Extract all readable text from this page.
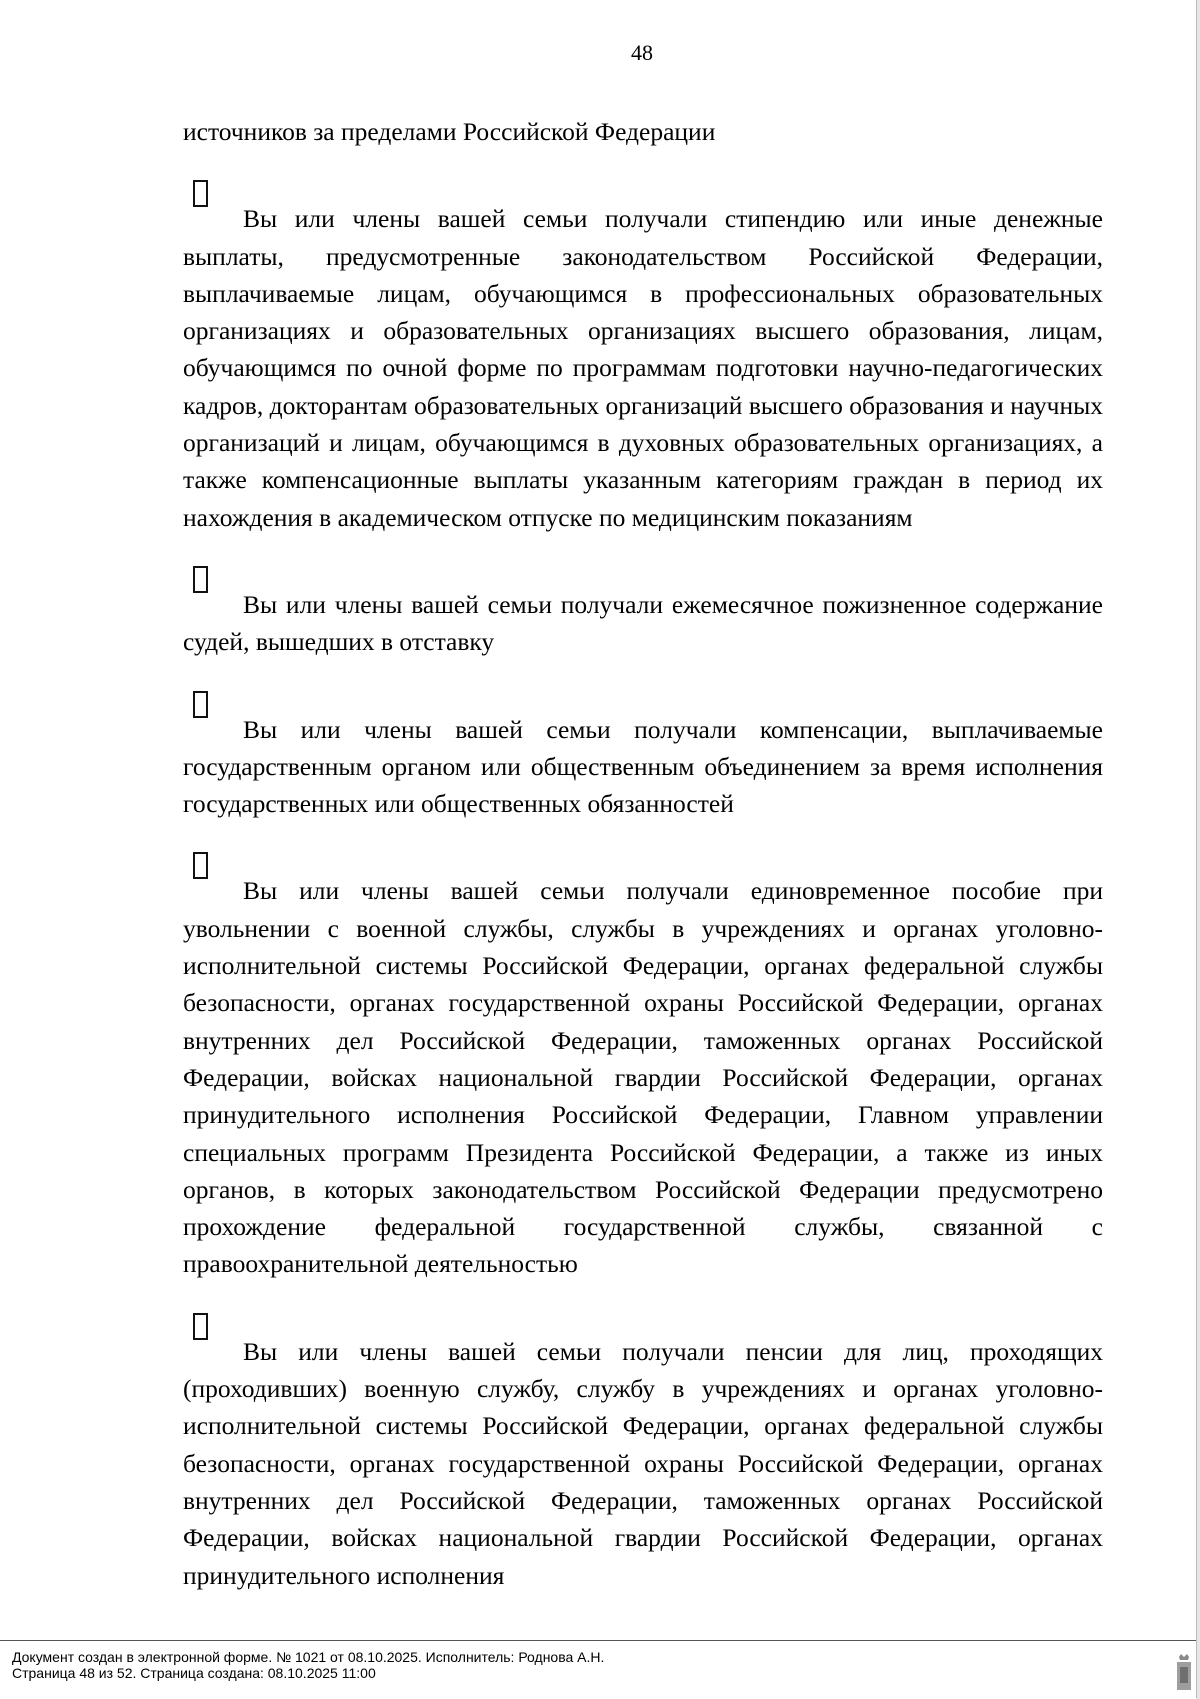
48

источников за пределами Российской Федерации

Вы или члены вашей семьи получали стипендию или иные денежные выплаты, предусмотренные законодательством Российской Федерации, выплачиваемые лицам, обучающимся в профессиональных образовательных организациях и образовательных организациях высшего образования, лицам, обучающимся по очной форме по программам подготовки научно-педагогических кадров, докторантам образовательных организаций высшего образования и научных организаций и лицам, обучающимся в духовных образовательных организациях, а также компенсационные выплаты указанным категориям граждан в период их нахождения в академическом отпуске по медицинским показаниям

Вы или члены вашей семьи получали ежемесячное пожизненное содержание судей, вышедших в отставку

Вы или члены вашей семьи получали компенсации, выплачиваемые государственным органом или общественным объединением за время исполнения государственных или общественных обязанностей

Вы или члены вашей семьи получали единовременное пособие при увольнении с военной службы, службы в учреждениях и органах уголовно-исполнительной системы Российской Федерации, органах федеральной службы безопасности, органах государственной охраны Российской Федерации, органах внутренних дел Российской Федерации, таможенных органах Российской Федерации, войсках национальной гвардии Российской Федерации, органах принудительного исполнения Российской Федерации, Главном управлении специальных программ Президента Российской Федерации, а также из иных органов, в которых законодательством Российской Федерации предусмотрено прохождение федеральной государственной службы, связанной с правоохранительной деятельностью

Вы или члены вашей семьи получали пенсии для лиц, проходящих (проходивших) военную службу, службу в учреждениях и органах уголовно-исполнительной системы Российской Федерации, органах федеральной службы безопасности, органах государственной охраны Российской Федерации, органах внутренних дел Российской Федерации, таможенных органах Российской Федерации, войсках национальной гвардии Российской Федерации, органах принудительного исполнения

Документ создан в электронной форме. № 1021 от 08.10.2025. Исполнитель: Роднова А.Н.
Страница 48 из 52. Страница создана: 08.10.2025 11:00
